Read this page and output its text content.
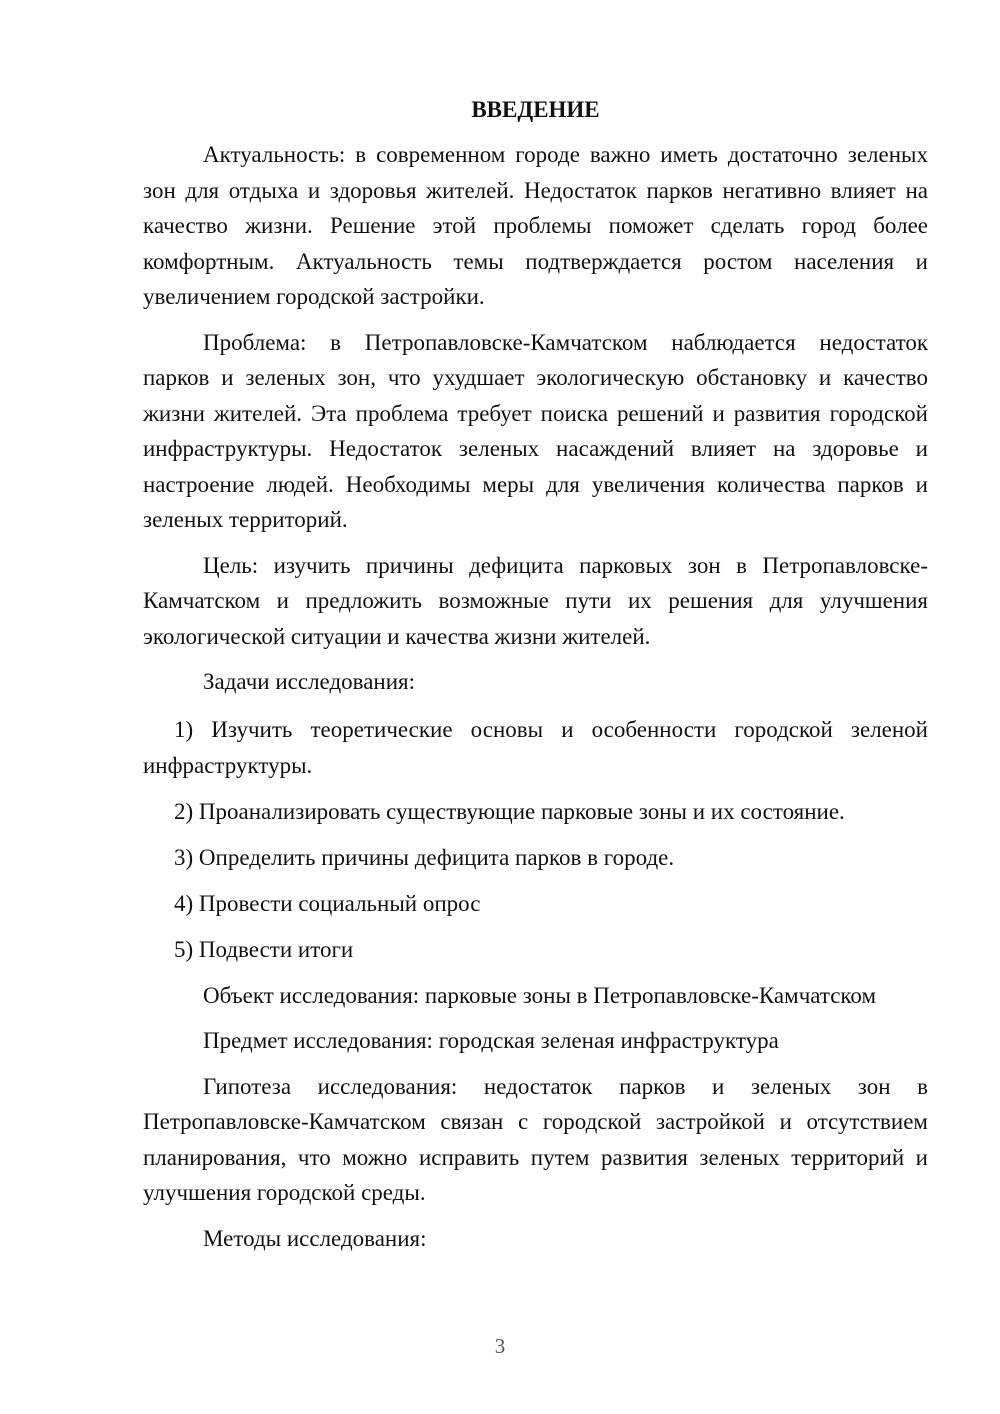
ВВЕДЕНИЕ

Актуальность: в современном городе важно иметь достаточно зеленых зон для отдыха и здоровья жителей. Недостаток парков негативно влияет на качество жизни. Решение этой проблемы поможет сделать город более комфортным. Актуальность темы подтверждается ростом населения и увеличением городской застройки.

Проблема: в Петропавловске-Камчатском наблюдается недостаток парков и зеленых зон, что ухудшает экологическую обстановку и качество жизни жителей. Эта проблема требует поиска решений и развития городской инфраструктуры. Недостаток зеленых насаждений влияет на здоровье и настроение людей. Необходимы меры для увеличения количества парков и зеленых территорий.

Цель: изучить причины дефицита парковых зон в Петропавловске-Камчатском и предложить возможные пути их решения для улучшения экологической ситуации и качества жизни жителей.

Задачи исследования:

1) Изучить теоретические основы и особенности городской зеленой инфраструктуры.

2) Проанализировать существующие парковые зоны и их состояние.

3) Определить причины дефицита парков в городе.

4) Провести социальный опрос

5) Подвести итоги

Объект исследования: парковые зоны в Петропавловске-Камчатском

Предмет исследования: городская зеленая инфраструктура

Гипотеза исследования: недостаток парков и зеленых зон в Петропавловске-Камчатском связан с городской застройкой и отсутствием планирования, что можно исправить путем развития зеленых территорий и улучшения городской среды.

Методы исследования:

3
